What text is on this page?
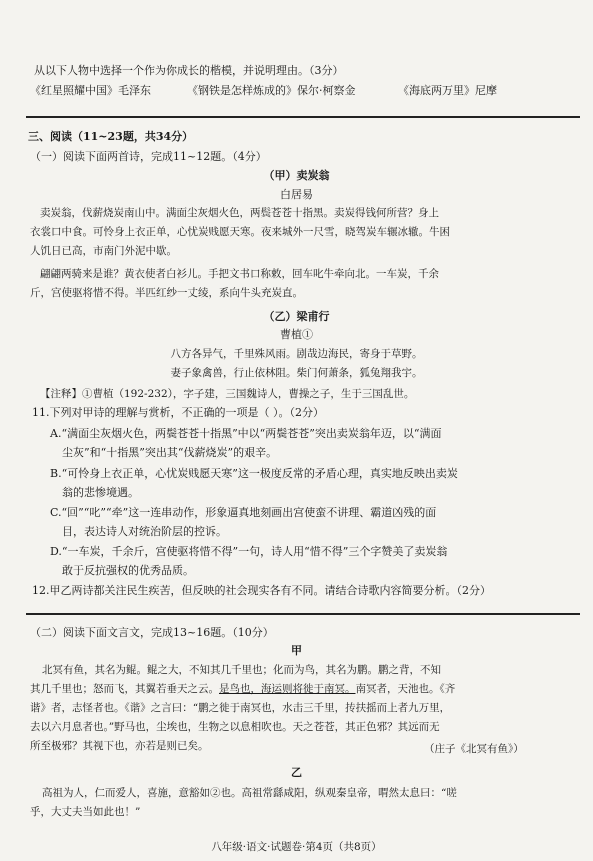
从以下人物中选择一个作为你成长的楷模，并说明理由。（3分）
《红星照耀中国》毛泽东	《钢铁是怎样炼成的》保尔·柯察金	《海底两万里》尼摩
三、阅读（11~23题，共34分）
（一）阅读下面两首诗，完成11~12题。（4分）
（甲）卖炭翁
白居易
卖炭翁，伐薪烧炭南山中。满面尘灰烟火色，两鬓苍苍十指黑。卖炭得钱何所营？身上
衣裳口中食。可怜身上衣正单，心忧炭贱愿天寒。夜来城外一尺雪，晓驾炭车辗冰辙。牛困
人饥日已高，市南门外泥中歇。
翩翩两骑来是谁？黄衣使者白衫儿。手把文书口称敕，回车叱牛牵向北。一车炭，千余
斤，宫使驱将惜不得。半匹红纱一丈绫，系向牛头充炭直。
（乙）梁甫行
曹植①
八方各异气，千里殊风雨。剧哉边海民，寄身于草野。
妻子象禽兽，行止依林阻。柴门何萧条，狐兔翔我宇。
【注释】①曹植（192-232），字子建，三国魏诗人，曹操之子，生于三国乱世。
11.下列对甲诗的理解与赏析，不正确的一项是（ ）。（2分）
A.“满面尘灰烟火色，两鬓苍苍十指黑”中以“两鬓苍苍”突出卖炭翁年迈，以“满面
尘灰”和“十指黑”突出其“伐薪烧炭”的艰辛。
B.“可怜身上衣正单，心忧炭贱愿天寒”这一极度反常的矛盾心理，真实地反映出卖炭
翁的悲惨境遇。
C.“回”“叱”“牵”这一连串动作，形象逼真地刻画出宫使蛮不讲理、霸道凶残的面
目，表达诗人对统治阶层的控诉。
D.“一车炭，千余斤，宫使驱将惜不得”一句，诗人用“惜不得”三个字赞美了卖炭翁
敢于反抗强权的优秀品质。
12.甲乙两诗都关注民生疾苦，但反映的社会现实各有不同。请结合诗歌内容简要分析。（2分）
（二）阅读下面文言文，完成13~16题。（10分）
甲
北冥有鱼，其名为鲲。鲲之大，不知其几千里也；化而为鸟，其名为鹏。鹏之背，不知
其几千里也；怒而飞，其翼若垂天之云。是鸟也，海运则将徙于南冥。南冥者，天池也。《齐
谐》者，志怪者也。《谐》之言曰：“鹏之徙于南冥也，水击三千里，抟扶摇而上者九万里，
去以六月息者也。”野马也，尘埃也，生物之以息相吹也。天之苍苍，其正色邪？其远而无
所至极邪？其视下也，亦若是则已矣。	（庄子《北冥有鱼》）
乙
高祖为人，仁而爱人，喜施，意豁如②也。高祖常繇咸阳，纵观秦皇帝，喟然太息曰：“嗟
乎，大丈夫当如此也！”
八年级·语文·试题卷·第4页（共8页）
